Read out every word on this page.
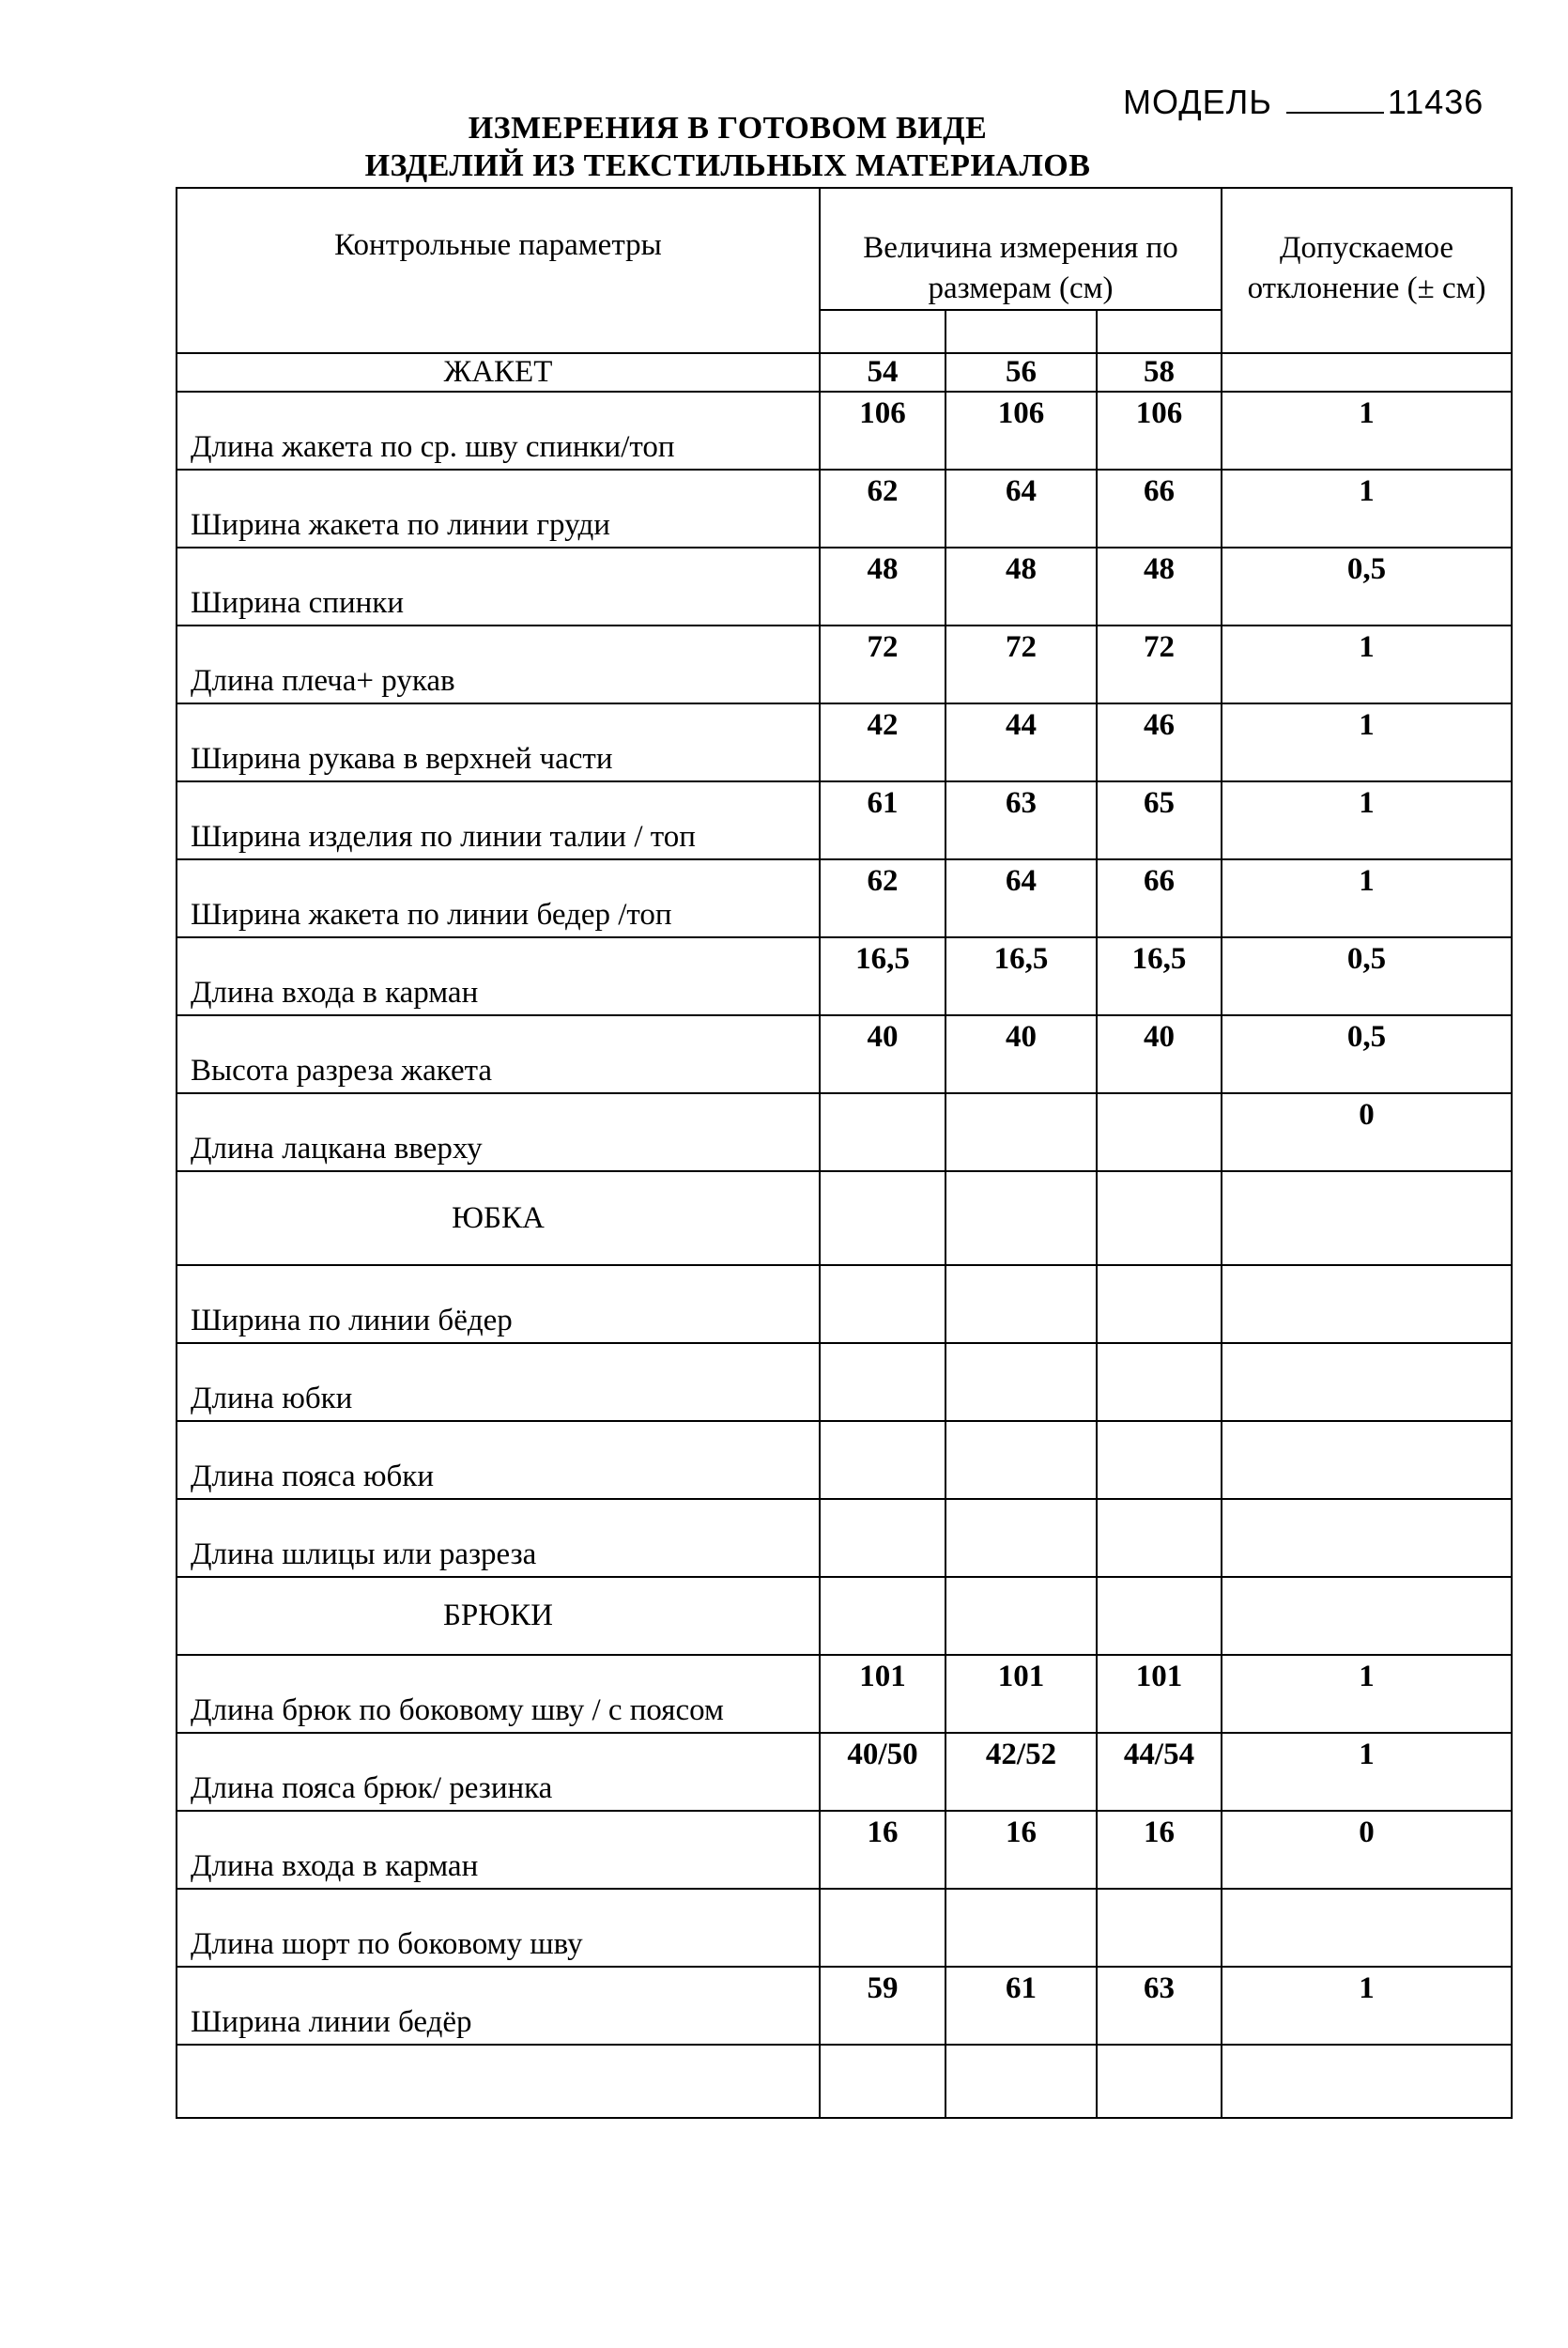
МОДЕЛЬ	11436
ИЗМЕРЕНИЯ В ГОТОВОМ ВИДЕ
ИЗДЕЛИЙ ИЗ ТЕКСТИЛЬНЫХ МАТЕРИАЛОВ
Контрольные параметры	Величина измерения по размерам (см)			Допускаемое отклонение (± см)

ЖАКЕТ	54	56	58	
Длина жакета по ср. шву спинки/топ	106	106	106	1
Ширина жакета по линии груди	62	64	66	1
Ширина спинки	48	48	48	0,5
Длина плеча+ рукав	72	72	72	1
Ширина рукава в верхней части	42	44	46	1
Ширина изделия по линии талии / топ	61	63	65	1
Ширина жакета по линии бедер /топ	62	64	66	1
Длина входа в карман	16,5	16,5	16,5	0,5
Высота разреза жакета	40	40	40	0,5
Длина лацкана вверху				0
ЮБКА				
Ширина по линии бёдер				
Длина юбки				
Длина пояса юбки				
Длина шлицы или разреза				
БРЮКИ				
Длина брюк по боковому шву / с поясом	101	101	101	1
Длина пояса брюк/ резинка	40/50	42/52	44/54	1
Длина входа в карман	16	16	16	0
Длина шорт по боковому шву				
Ширина линии бедёр	59	61	63	1
